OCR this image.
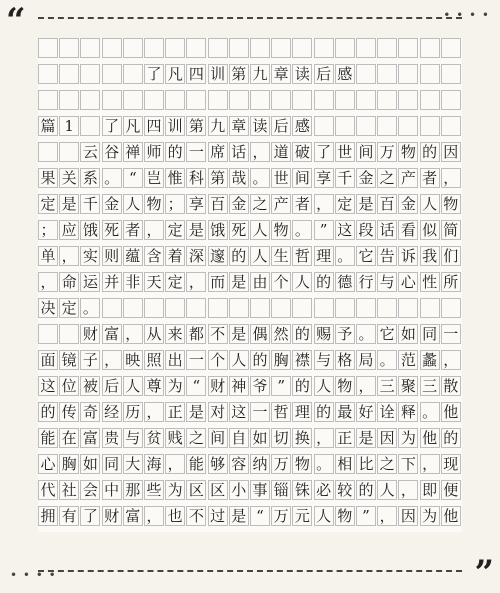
“	• • • •
了 凡 四 训 第 九 章 读 后 感
篇 1	了 凡 四 训 第 九 章 读 后 感
云 谷 禅 师 的 一 席 话 ， 道 破 了 世 间 万 物 的 因
果 关 系 。 “ 岂 惟 科 第 哉 。 世 间 享 千 金 之 产 者 ，
定 是 千 金 人 物 ； 享 百 金 之 产 者 ， 定 是 百 金 人 物
； 应 饿 死 者 ， 定 是 饿 死 人 物 。 ” 这 段 话 看 似 简
单 ， 实 则 蕴 含 着 深 邃 的 人 生 哲 理 。 它 告 诉 我 们
， 命 运 并 非 天 定 ， 而 是 由 个 人 的 德 行 与 心 性 所
决 定 。
财 富 ， 从 来 都 不 是 偶 然 的 赐 予 。 它 如 同 一
面 镜 子 ， 映 照 出 一 个 人 的 胸 襟 与 格 局 。 范 蠡 ，
这 位 被 后 人 尊 为 “ 财 神 爷 ” 的 人 物 ， 三 聚 三 散
的 传 奇 经 历 ， 正 是 对 这 一 哲 理 的 最 好 诠 释 。 他
能 在 富 贵 与 贫 贱 之 间 自 如 切 换 ， 正 是 因 为 他 的
心 胸 如 同 大 海 ， 能 够 容 纳 万 物 。 相 比 之 下 ， 现
代 社 会 中 那 些 为 区 区 小 事 锱 铢 必 较 的 人 ， 即 便
拥 有 了 财 富 ， 也 不 过 是 “ 万 元 人 物 ” ， 因 为 他
• • • •	”
